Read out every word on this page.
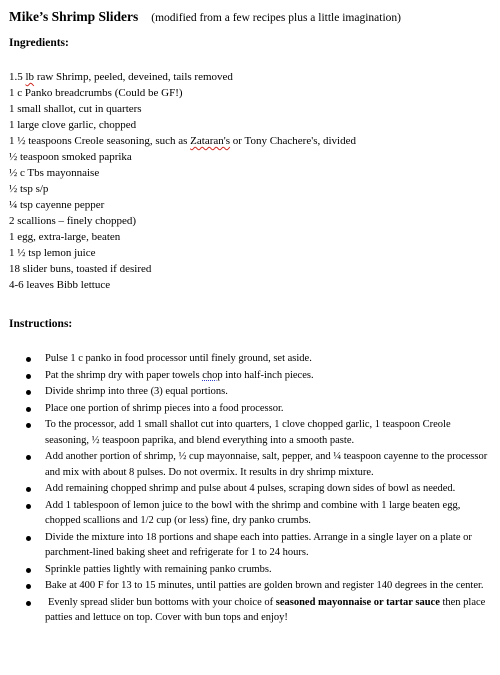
Mike’s Shrimp Sliders (modified from a few recipes plus a little imagination)
Ingredients:
1.5 lb raw Shrimp, peeled, deveined, tails removed
1 c Panko breadcrumbs (Could be GF!)
1 small shallot, cut in quarters
1 large clove garlic, chopped
1 ½ teaspoons Creole seasoning, such as Zataran's or Tony Chachere's, divided
½ teaspoon smoked paprika
½ c Tbs mayonnaise
½ tsp s/p
¼ tsp cayenne pepper
2 scallions – finely chopped)
1 egg, extra-large, beaten
1 ½ tsp lemon juice
18 slider buns, toasted if desired
4-6 leaves Bibb lettuce
Instructions:
Pulse 1 c panko in food processor until finely ground, set aside.
Pat the shrimp dry with paper towels chop into half-inch pieces.
Divide shrimp into three (3) equal portions.
Place one portion of shrimp pieces into a food processor.
To the processor, add 1 small shallot cut into quarters, 1 clove chopped garlic, 1 teaspoon Creole seasoning, ½ teaspoon paprika, and blend everything into a smooth paste.
Add another portion of shrimp, ½ cup mayonnaise, salt, pepper, and ¼ teaspoon cayenne to the processor and mix with about 8 pulses. Do not overmix. It results in dry shrimp mixture.
Add remaining chopped shrimp and pulse about 4 pulses, scraping down sides of bowl as needed.
Add 1 tablespoon of lemon juice to the bowl with the shrimp and combine with 1 large beaten egg, chopped scallions and 1/2 cup (or less) fine, dry panko crumbs.
Divide the mixture into 18 portions and shape each into patties. Arrange in a single layer on a plate or parchment-lined baking sheet and refrigerate for 1 to 24 hours.
Sprinkle patties lightly with remaining panko crumbs.
Bake at 400 F for 13 to 15 minutes, until patties are golden brown and register 140 degrees in the center.
Evenly spread slider bun bottoms with your choice of seasoned mayonnaise or tartar sauce then place patties and lettuce on top. Cover with bun tops and enjoy!
